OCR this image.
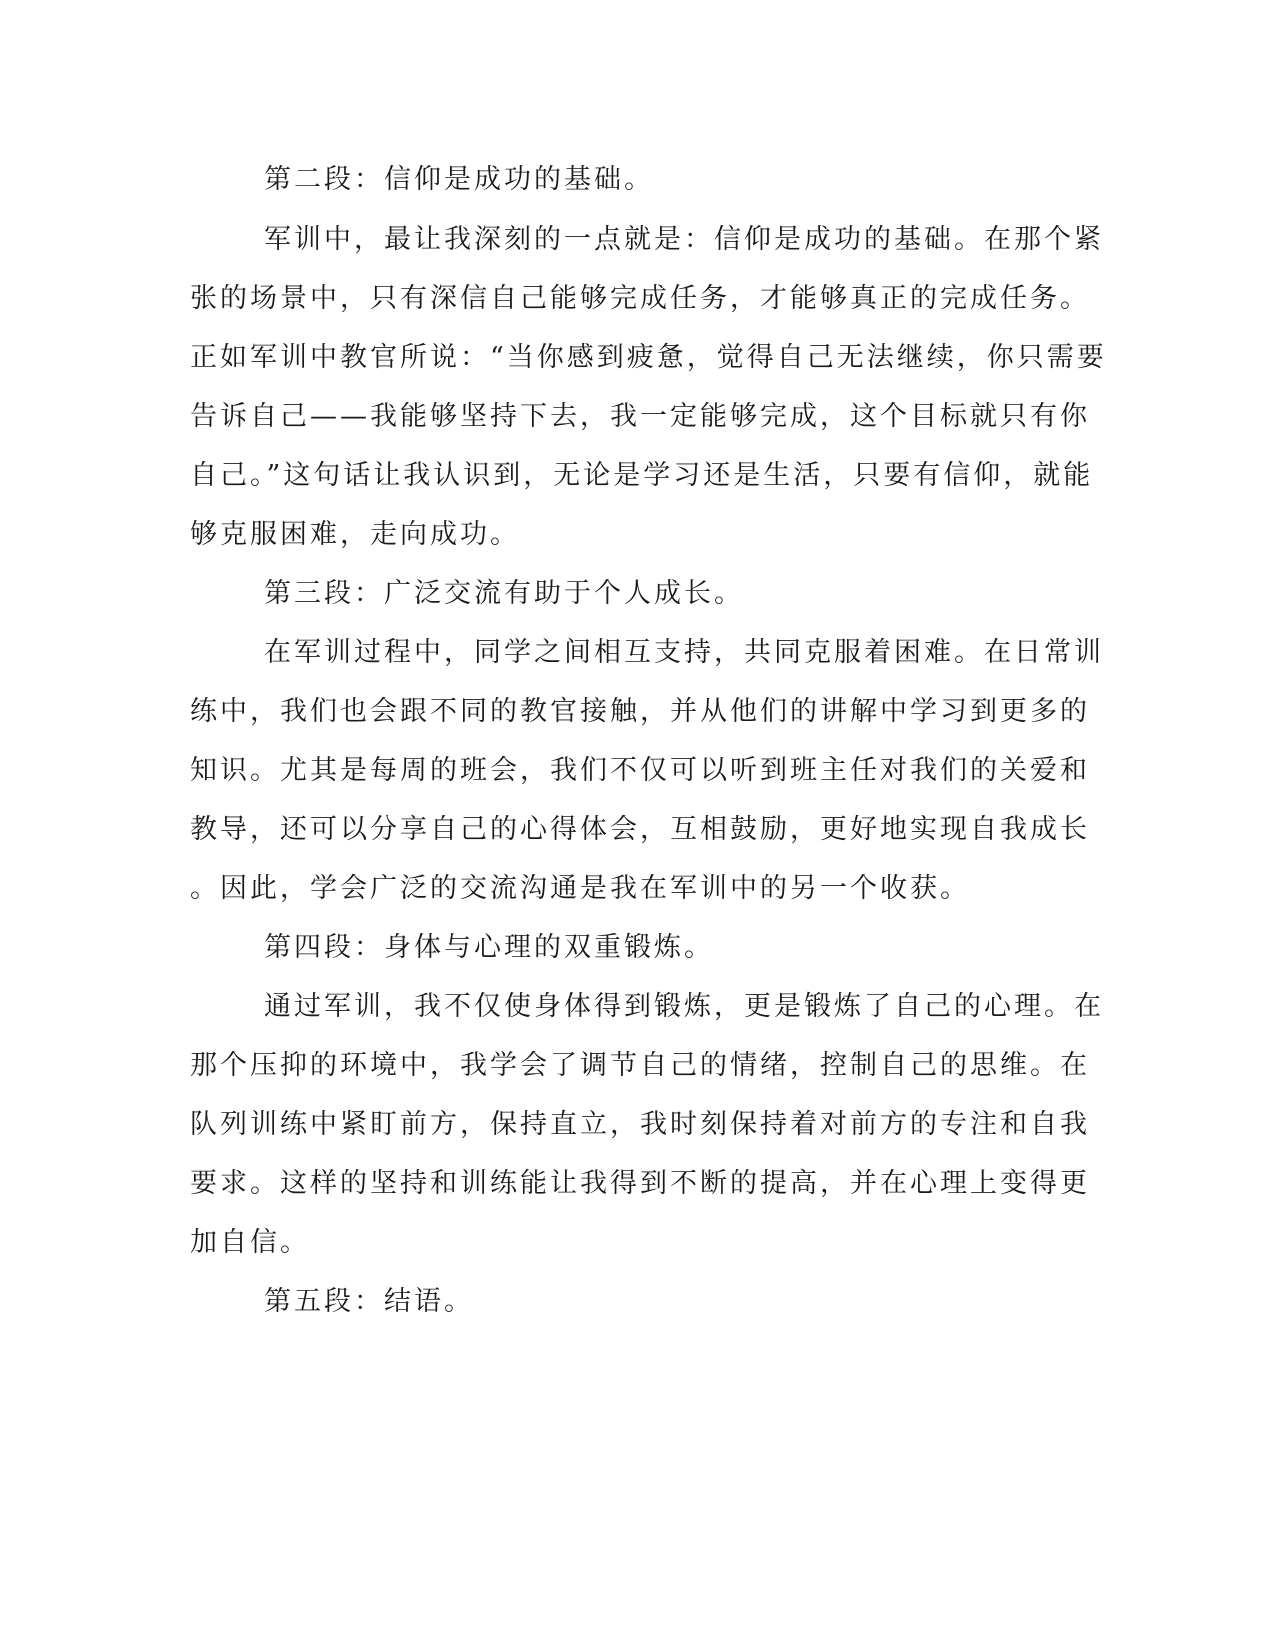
第二段：信仰是成功的基础。
军训中，最让我深刻的一点就是：信仰是成功的基础。在那个紧
张的场景中，只有深信自己能够完成任务，才能够真正的完成任务。
正如军训中教官所说：“当你感到疲惫，觉得自己无法继续，你只需要
告诉自己——我能够坚持下去，我一定能够完成，这个目标就只有你
自己。”这句话让我认识到，无论是学习还是生活，只要有信仰，就能
够克服困难，走向成功。
第三段：广泛交流有助于个人成长。
在军训过程中，同学之间相互支持，共同克服着困难。在日常训
练中，我们也会跟不同的教官接触，并从他们的讲解中学习到更多的
知识。尤其是每周的班会，我们不仅可以听到班主任对我们的关爱和
教导，还可以分享自己的心得体会，互相鼓励，更好地实现自我成长
。因此，学会广泛的交流沟通是我在军训中的另一个收获。
第四段：身体与心理的双重锻炼。
通过军训，我不仅使身体得到锻炼，更是锻炼了自己的心理。在
那个压抑的环境中，我学会了调节自己的情绪，控制自己的思维。在
队列训练中紧盯前方，保持直立，我时刻保持着对前方的专注和自我
要求。这样的坚持和训练能让我得到不断的提高，并在心理上变得更
加自信。
第五段：结语。
